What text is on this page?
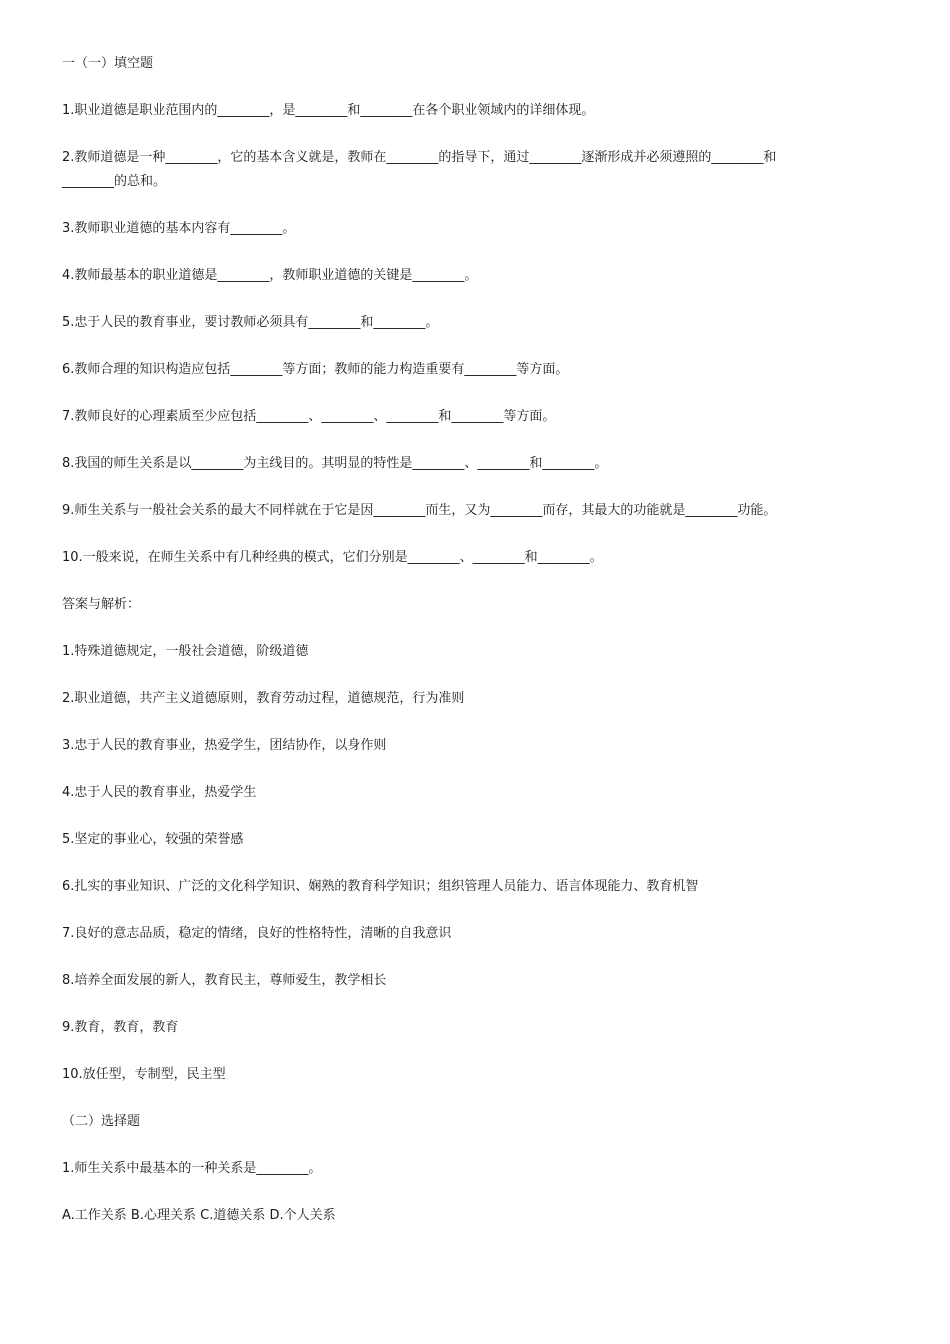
一（一）填空题

1.职业道德是职业范围内的________，是________和________在各个职业领域内的详细体现。

2.教师道德是一种________，它的基本含义就是，教师在________的指导下，通过________逐渐形成并必须遵照的________和
________的总和。

3.教师职业道德的基本内容有________。

4.教师最基本的职业道德是________，教师职业道德的关键是________。

5.忠于人民的教育事业，要讨教师必须具有________和________。

6.教师合理的知识构造应包括________等方面；教师的能力构造重要有________等方面。

7.教师良好的心理素质至少应包括________、________、________和________等方面。

8.我国的师生关系是以________为主线目的。其明显的特性是________、________和________。

9.师生关系与一般社会关系的最大不同样就在于它是因________而生，又为________而存，其最大的功能就是________功能。

10.一般来说，在师生关系中有几种经典的模式，它们分别是________、________和________。

答案与解析：

1.特殊道德规定，一般社会道德，阶级道德

2.职业道德，共产主义道德原则，教育劳动过程，道德规范，行为准则

3.忠于人民的教育事业，热爱学生，团结协作，以身作则

4.忠于人民的教育事业，热爱学生

5.坚定的事业心，较强的荣誉感

6.扎实的事业知识、广泛的文化科学知识、娴熟的教育科学知识；组织管理人员能力、语言体现能力、教育机智

7.良好的意志品质，稳定的情绪，良好的性格特性，清晰的自我意识

8.培养全面发展的新人，教育民主，尊师爱生，教学相长

9.教育，教育，教育

10.放任型，专制型，民主型

（二）选择题

1.师生关系中最基本的一种关系是________。

A.工作关系 B.心理关系 C.道德关系 D.个人关系
